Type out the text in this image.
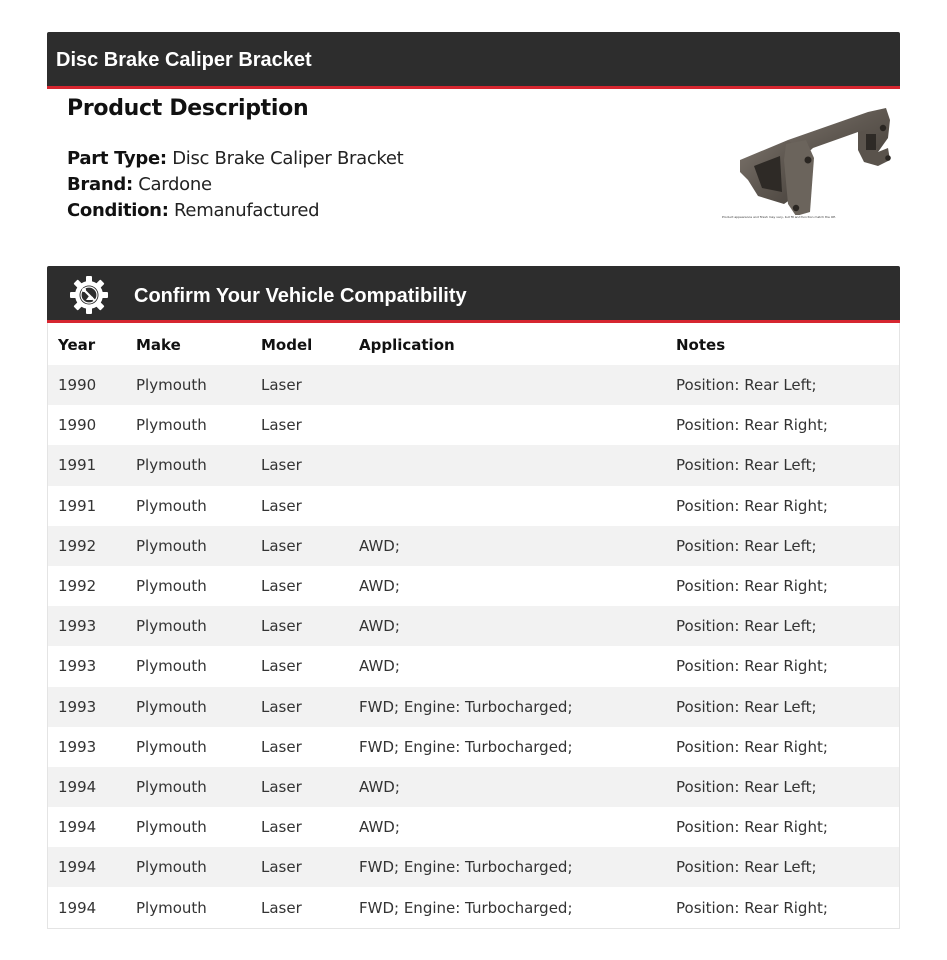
Disc Brake Caliper Bracket
Product Description
Part Type: Disc Brake Caliper Bracket
Brand: Cardone
Condition: Remanufactured	Product appearance and finish may vary, but fit and function match the OE.
Confirm Your Vehicle Compatibility
Year	Make	Model	Application	Notes
1990	Plymouth	Laser		Position: Rear Left;
1990	Plymouth	Laser		Position: Rear Right;
1991	Plymouth	Laser		Position: Rear Left;
1991	Plymouth	Laser		Position: Rear Right;
1992	Plymouth	Laser	AWD;	Position: Rear Left;
1992	Plymouth	Laser	AWD;	Position: Rear Right;
1993	Plymouth	Laser	AWD;	Position: Rear Left;
1993	Plymouth	Laser	AWD;	Position: Rear Right;
1993	Plymouth	Laser	FWD; Engine: Turbocharged;	Position: Rear Left;
1993	Plymouth	Laser	FWD; Engine: Turbocharged;	Position: Rear Right;
1994	Plymouth	Laser	AWD;	Position: Rear Left;
1994	Plymouth	Laser	AWD;	Position: Rear Right;
1994	Plymouth	Laser	FWD; Engine: Turbocharged;	Position: Rear Left;
1994	Plymouth	Laser	FWD; Engine: Turbocharged;	Position: Rear Right;
